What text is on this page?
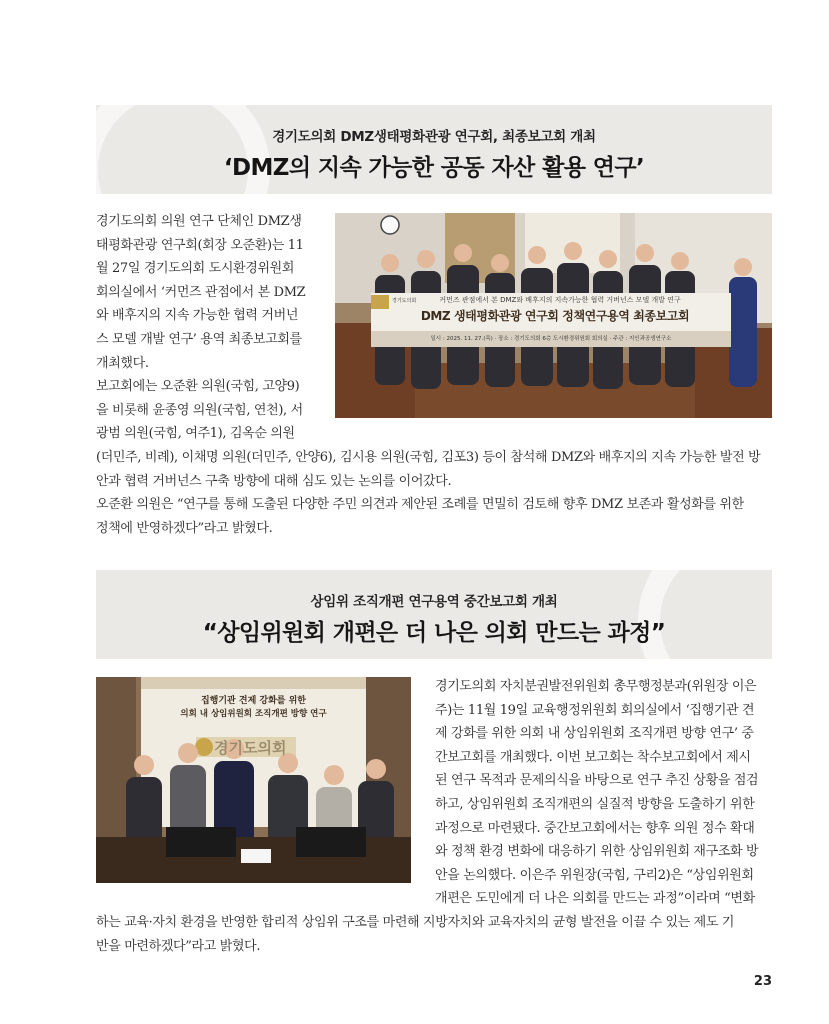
경기도의회 DMZ생태평화관광 연구회, 최종보고회 개최
‘DMZ의 지속 가능한 공동 자산 활용 연구’
경기도의회 의원 연구 단체인 DMZ생
태평화관광 연구회(회장 오준환)는 11
월 27일 경기도의회 도시환경위원회
회의실에서 ‘커먼즈 관점에서 본 DMZ
와 배후지의 지속 가능한 협력 거버넌
스 모델 개발 연구’ 용역 최종보고회를
개최했다.
보고회에는 오준환 의원(국힘, 고양9)
을 비롯해 윤종영 의원(국힘, 연천), 서
광범 의원(국힘, 여주1), 김옥순 의원
커먼즈 관점에서 본 DMZ와 배후지의 지속가능한 협력 거버넌스 모델 개발 연구
DMZ 생태평화관광 연구회 정책연구용역 최종보고회
일시 : 2025. 11. 27.(목) · 장소 : 경기도의회 6층 도시환경위원회 회의실 · 주관 : 지인과공생연구소
경기도의회
(더민주, 비례), 이채명 의원(더민주, 안양6), 김시용 의원(국힘, 김포3) 등이 참석해 DMZ와 배후지의 지속 가능한 발전 방
안과 협력 거버넌스 구축 방향에 대해 심도 있는 논의를 이어갔다.
오준환 의원은 “연구를 통해 도출된 다양한 주민 의견과 제안된 조례를 면밀히 검토해 향후 DMZ 보존과 활성화를 위한
정책에 반영하겠다”라고 밝혔다.
상임위 조직개편 연구용역 중간보고회 개최
“상임위원회 개편은 더 나은 의회 만드는 과정”
집행기관 견제 강화를 위한
의회 내 상임위원회 조직개편 방향 연구
경기도의회
경기도의회 자치분권발전위원회 총무행정분과(위원장 이은
주)는 11월 19일 교육행정위원회 회의실에서 ‘집행기관 견
제 강화를 위한 의회 내 상임위원회 조직개편 방향 연구’ 중
간보고회를 개최했다. 이번 보고회는 착수보고회에서 제시
된 연구 목적과 문제의식을 바탕으로 연구 추진 상황을 점검
하고, 상임위원회 조직개편의 실질적 방향을 도출하기 위한
과정으로 마련됐다. 중간보고회에서는 향후 의원 정수 확대
와 정책 환경 변화에 대응하기 위한 상임위원회 재구조화 방
안을 논의했다. 이은주 위원장(국힘, 구리2)은 “상임위원회
개편은 도민에게 더 나은 의회를 만드는 과정”이라며 “변화
하는 교육·자치 환경을 반영한 합리적 상임위 구조를 마련해 지방자치와 교육자치의 균형 발전을 이끌 수 있는 제도 기
반을 마련하겠다”라고 밝혔다.
23
